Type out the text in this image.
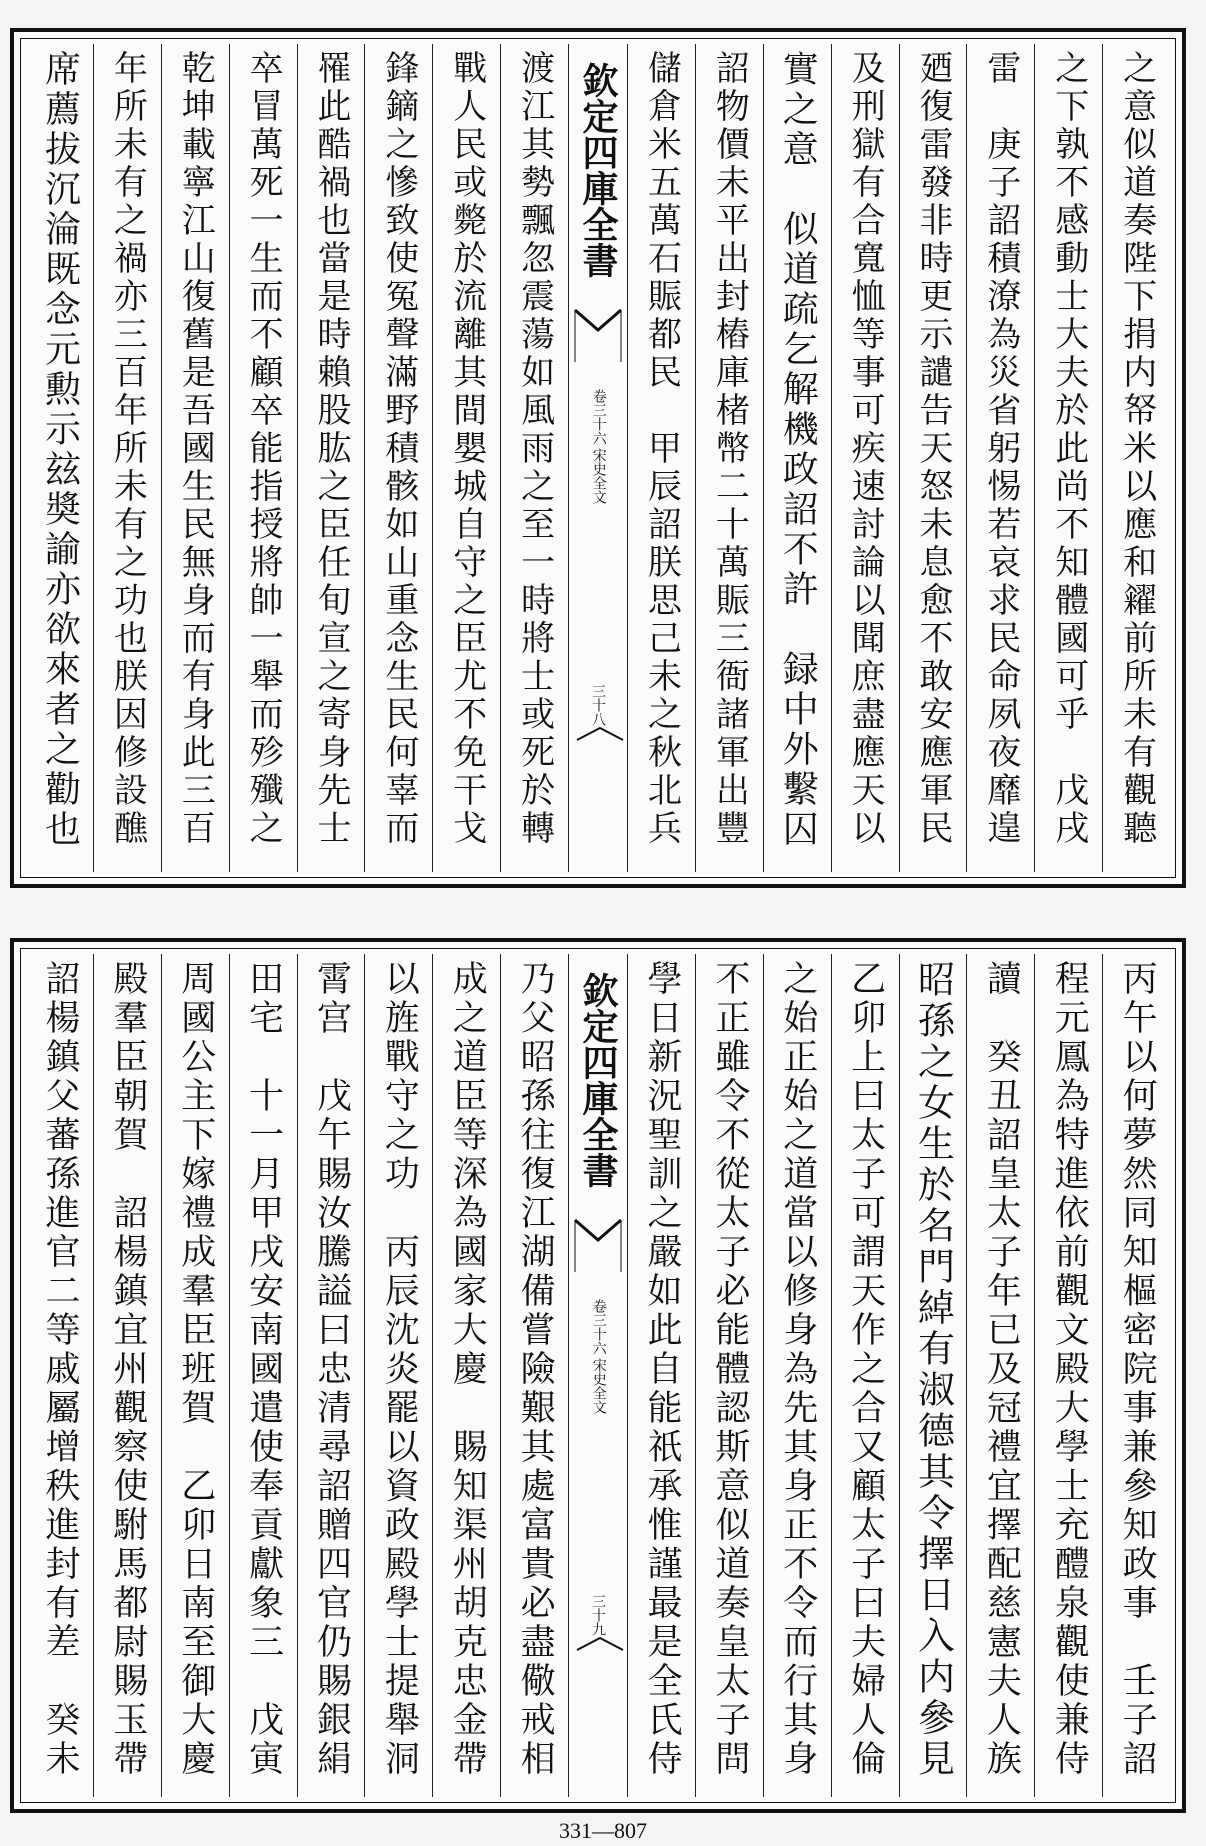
之意似道奏陛下捐内帑米以應和糴前所未有觀聽
之下孰不感動士大夫於此尚不知體國可乎　戊戌
雷　庚子詔積潦為災省躬惕若哀求民命夙夜靡遑
廼復雷發非時更示譴告天怒未息愈不敢安應軍民
及刑獄有合寬恤等事可疾速討論以聞庶盡應天以
實之意　似道疏乞解機政詔不許　録中外繫囚
詔物價未平出封樁庫楮幣二十萬賑三衙諸軍出豐
儲倉米五萬石賑都民　甲辰詔朕思己未之秋北兵
欽定四庫全書
宋史全文
卷三十六
三十八
渡江其勢飄忽震蕩如風雨之至一時將士或死於轉
戰人民或斃於流離其間嬰城自守之臣尤不免干戈
鋒鏑之慘致使冤聲滿野積骸如山重念生民何辜而
罹此酷禍也當是時賴股肱之臣任旬宣之寄身先士
卒冒萬死一生而不顧卒能指授將帥一舉而殄殲之
乾坤載寧江山復舊是吾國生民無身而有身此三百
年所未有之禍亦三百年所未有之功也朕因修設醮
席薦拔沉淪既念元勲示玆奬諭亦欲來者之勸也
丙午以何夢然同知樞密院事兼參知政事　壬子詔
程元鳳為特進依前觀文殿大學士充醴泉觀使兼侍
讀　癸丑詔皇太子年已及冠禮宜擇配慈憲夫人族
昭孫之女生於名門綽有淑德其令擇日入内參見
乙卯上曰太子可謂天作之合又顧太子曰夫婦人倫
之始正始之道當以修身為先其身正不令而行其身
不正雖令不從太子必能體認斯意似道奏皇太子問
學日新況聖訓之嚴如此自能祇承惟謹最是全氏侍
欽定四庫全書
宋史全文
卷三十六
三十九
乃父昭孫往復江湖備嘗險艱其處富貴必盡儆戒相
成之道臣等深為國家大慶　賜知渠州胡克忠金帶
以旌戰守之功　丙辰沈炎罷以資政殿學士提舉洞
霄宫　戊午賜汝騰謚曰忠清尋詔贈四官仍賜銀絹
田宅　十一月甲戌安南國遣使奉貢獻象三　戊寅
周國公主下嫁禮成羣臣班賀　乙卯日南至御大慶
殿羣臣朝賀　詔楊鎮宜州觀察使駙馬都尉賜玉帶
詔楊鎮父蕃孫進官二等戚屬增秩進封有差　癸未
331—807
